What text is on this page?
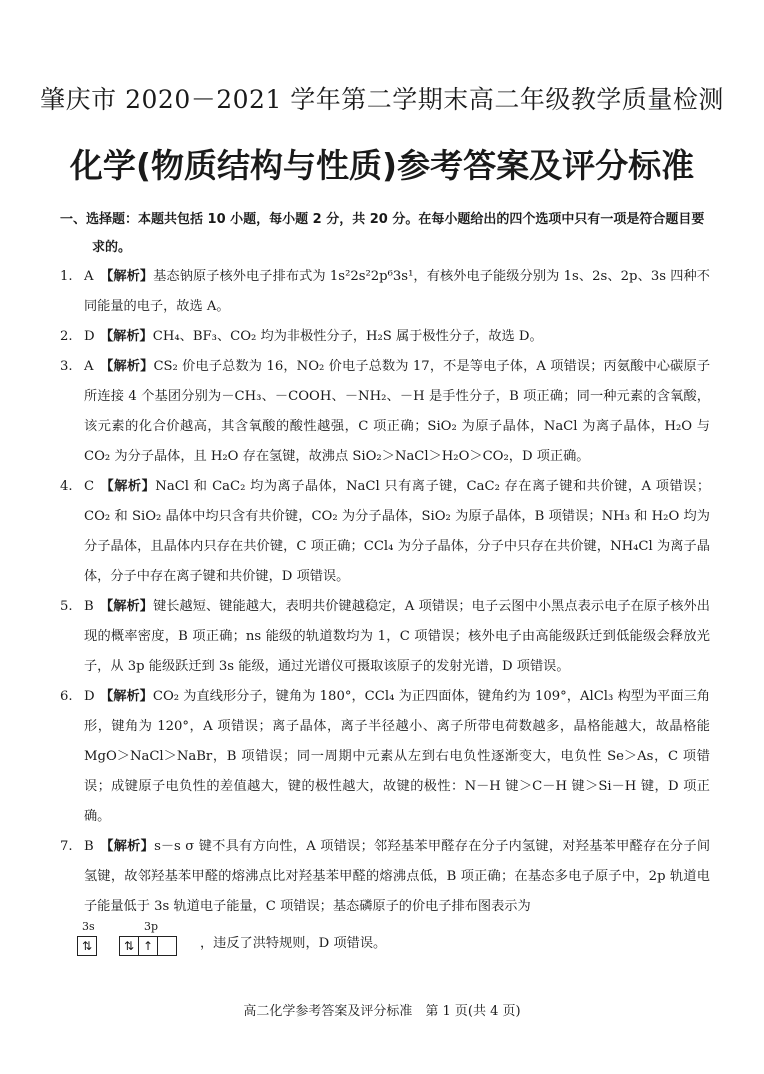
肇庆市 2020－2021 学年第二学期末高二年级教学质量检测
化学(物质结构与性质)参考答案及评分标准
一、选择题：本题共包括 10 小题，每小题 2 分，共 20 分。在每小题给出的四个选项中只有一项是符合题目要求的。

1. A 【解析】基态钠原子核外电子排布式为 1s²2s²2p⁶3s¹，有核外电子能级分别为 1s、2s、2p、3s 四种不同能量的电子，故选 A。

2. D 【解析】CH₄、BF₃、CO₂ 均为非极性分子，H₂S 属于极性分子，故选 D。

3. A 【解析】CS₂ 价电子总数为 16，NO₂ 价电子总数为 17，不是等电子体，A 项错误；丙氨酸中心碳原子所连接 4 个基团分别为－CH₃、－COOH、－NH₂、－H 是手性分子，B 项正确；同一种元素的含氧酸，该元素的化合价越高，其含氧酸的酸性越强，C 项正确；SiO₂ 为原子晶体，NaCl 为离子晶体，H₂O 与 CO₂ 为分子晶体，且 H₂O 存在氢键，故沸点 SiO₂＞NaCl＞H₂O＞CO₂，D 项正确。

4. C 【解析】NaCl 和 CaC₂ 均为离子晶体，NaCl 只有离子键，CaC₂ 存在离子键和共价键，A 项错误；CO₂ 和 SiO₂ 晶体中均只含有共价键，CO₂ 为分子晶体，SiO₂ 为原子晶体，B 项错误；NH₃ 和 H₂O 均为分子晶体，且晶体内只存在共价键，C 项正确；CCl₄ 为分子晶体，分子中只存在共价键，NH₄Cl 为离子晶体，分子中存在离子键和共价键，D 项错误。

5. B 【解析】键长越短、键能越大，表明共价键越稳定，A 项错误；电子云图中小黑点表示电子在原子核外出现的概率密度，B 项正确；ns 能级的轨道数均为 1，C 项错误；核外电子由高能级跃迁到低能级会释放光子，从 3p 能级跃迁到 3s 能级，通过光谱仪可摄取该原子的发射光谱，D 项错误。

6. D 【解析】CO₂ 为直线形分子，键角为 180°，CCl₄ 为正四面体，键角约为 109°，AlCl₃ 构型为平面三角形，键角为 120°，A 项错误；离子晶体，离子半径越小、离子所带电荷数越多，晶格能越大，故晶格能 MgO＞NaCl＞NaBr，B 项错误；同一周期中元素从左到右电负性逐渐变大，电负性 Se＞As，C 项错误；成键原子电负性的差值越大，键的极性越大，故键的极性：N－H 键＞C－H 键＞Si－H 键，D 项正确。

7. B 【解析】s－s σ 键不具有方向性，A 项错误；邻羟基苯甲醛存在分子内氢键，对羟基苯甲醛存在分子间氢键，故邻羟基苯甲醛的熔沸点比对羟基苯甲醛的熔沸点低，B 项正确；在基态多电子原子中，2p 轨道电子能量低于 3s 轨道电子能量，C 项错误；基态磷原子的价电子排布图表示为

3s
⇅
3p
⇅ ↑	，违反了洪特规则，D 项错误。
高二化学参考答案及评分标准　第 1 页(共 4 页)
